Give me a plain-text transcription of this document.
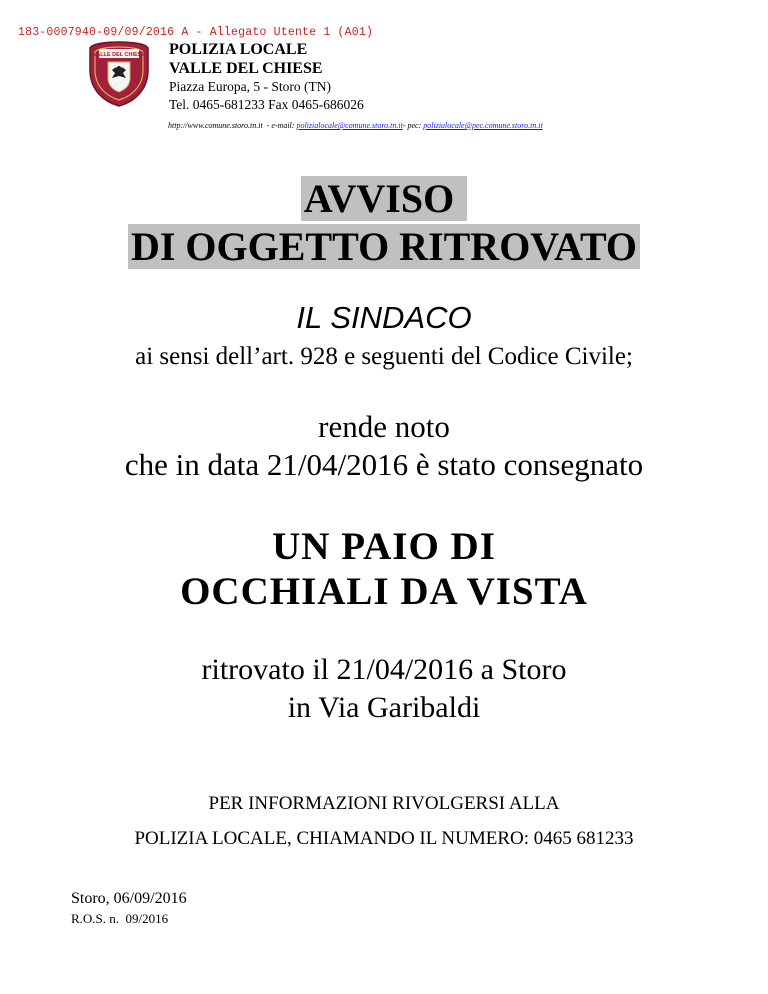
183-0007940-09/09/2016 A - Allegato Utente 1 (A01)
VALLE DEL CHIESE POLIZIA LOCALE
VALLE DEL CHIESE
Piazza Europa, 5 - Storo (TN)
Tel. 0465-681233 Fax 0465-686026
http://www.comune.storo.tn.it  - e-mail: polizialocale@comune.storo.tn.it- pec: polizialocale@pec.comune.storo.tn.it
AVVISO
DI OGGETTO RITROVATO
IL SINDACO
ai sensi dell’art. 928 e seguenti del Codice Civile;
rende noto
che in data 21/04/2016 è stato consegnato
UN PAIO DI
OCCHIALI DA VISTA
ritrovato il 21/04/2016 a Storo
in Via Garibaldi
PER INFORMAZIONI RIVOLGERSI ALLA
POLIZIA LOCALE, CHIAMANDO IL NUMERO: 0465 681233
Storo, 06/09/2016
R.O.S. n.  09/2016
